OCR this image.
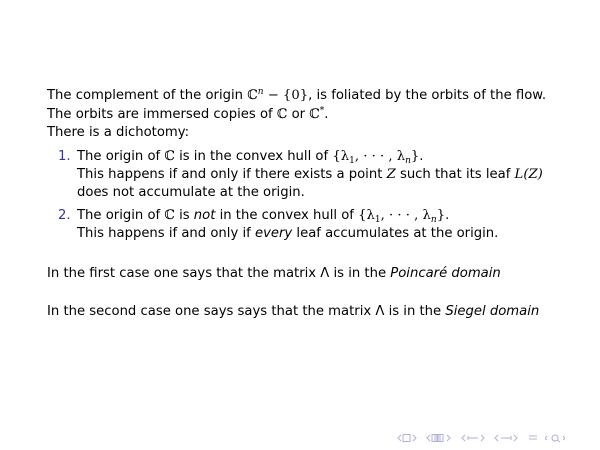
The complement of the origin ℂ$^n$ − {0}, is foliated by the orbits of the flow.
The orbits are immersed copies of ℂ or ℂ*.
There is a dichotomy:
1. The origin of ℂ is in the convex hull of {$\lambda_1$, · · · , $\lambda_n$}.
This happens if and only if there exists a point Z such that its leaf L(Z)
does not accumulate at the origin.
2. The origin of ℂ is not in the convex hull of {$\lambda_1$, · · · , $\lambda_n$}.
This happens if and only if every leaf accumulates at the origin.
In the first case one says that the matrix Λ is in the Poincaré domain
In the second case one says says that the matrix Λ is in the Siegel domain
